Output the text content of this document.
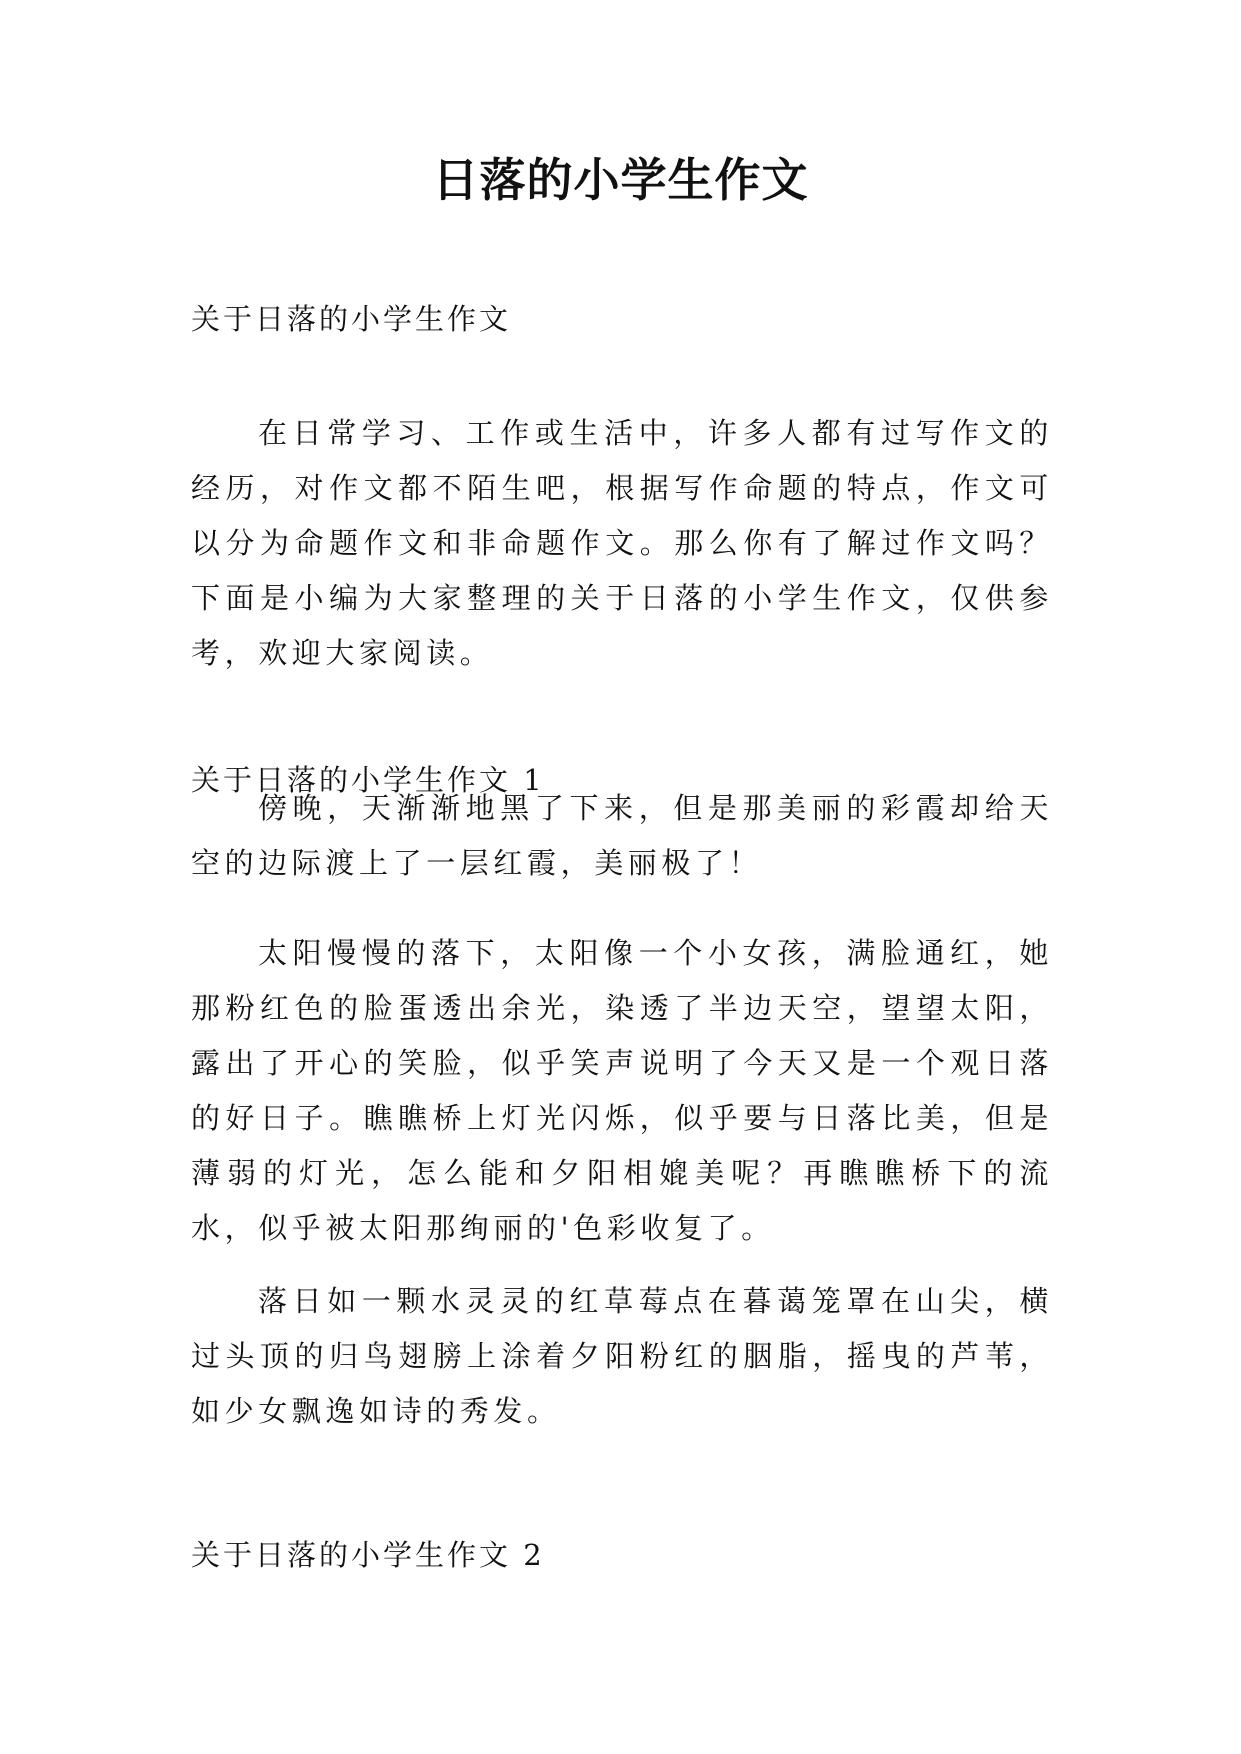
日落的小学生作文
关于日落的小学生作文

在日常学习、工作或生活中，许多人都有过写作文的经历，对作文都不陌生吧，根据写作命题的特点，作文可以分为命题作文和非命题作文。那么你有了解过作文吗？下面是小编为大家整理的关于日落的小学生作文，仅供参考，欢迎大家阅读。

关于日落的小学生作文 1

傍晚，天渐渐地黑了下来，但是那美丽的彩霞却给天空的边际渡上了一层红霞，美丽极了！

太阳慢慢的落下，太阳像一个小女孩，满脸通红，她那粉红色的脸蛋透出余光，染透了半边天空，望望太阳，露出了开心的笑脸，似乎笑声说明了今天又是一个观日落的好日子。瞧瞧桥上灯光闪烁，似乎要与日落比美，但是薄弱的灯光，怎么能和夕阳相媲美呢？再瞧瞧桥下的流水，似乎被太阳那绚丽的'色彩收复了。

落日如一颗水灵灵的红草莓点在暮蔼笼罩在山尖，横过头顶的归鸟翅膀上涂着夕阳粉红的胭脂，摇曳的芦苇，如少女飘逸如诗的秀发。

关于日落的小学生作文 2
